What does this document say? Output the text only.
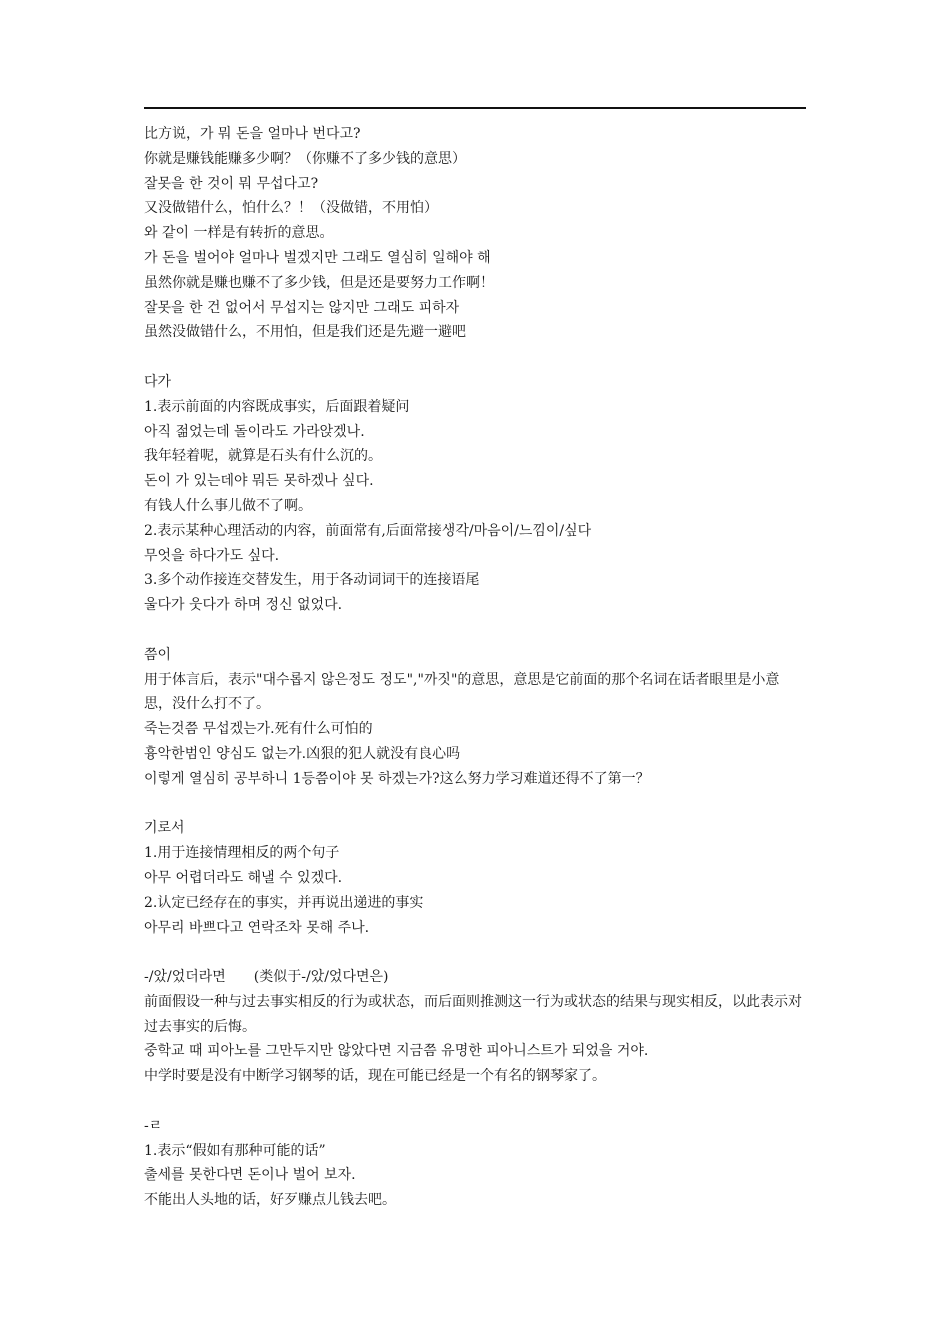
比方说，가 뭐 돈을 얼마나 번다고?
你就是赚钱能赚多少啊？（你赚不了多少钱的意思）
잘못을 한 것이 뭐 무섭다고?
又没做错什么，怕什么？！（没做错，不用怕）
와 같이 一样是有转折的意思。
가 돈을 벌어야 얼마나 벌겠지만 그래도 열심히 일해야 해
虽然你就是赚也赚不了多少钱，但是还是要努力工作啊！
잘못을 한 건 없어서 무섭지는 않지만 그래도 피하자
虽然没做错什么，不用怕，但是我们还是先避一避吧
다가
1.表示前面的内容既成事实，后面跟着疑问
아직 젊었는데 돌이라도 가라앉겠나.
我年轻着呢，就算是石头有什么沉的。
돈이 가 있는데야 뭐든 못하겠나 싶다.
有钱人什么事儿做不了啊。
2.表示某种心理活动的内容，前面常有,后面常接생각/마음이/느낌이/싶다
무엇을 하다가도 싶다.
3.多个动作接连交替发生，用于各动词词干的连接语尾
울다가 웃다가 하며 정신 없었다.
쯤이
用于体言后，表示"대수롭지 않은정도 정도","까짓"的意思，意思是它前面的那个名词在话者眼里是小意思，没什么打不了。
죽는것쯤 무섭겠는가.死有什么可怕的
흉악한범인 양심도 없는가.凶狠的犯人就没有良心吗
이렇게 열심히 공부하니 1등쯤이야 못 하겠는가?这么努力学习难道还得不了第一？
기로서
1.用于连接情理相反的两个句子
아무 어렵더라도 해낼 수 있겠다.
2.认定已经存在的事实，并再说出递进的事实
아무리 바쁘다고 연락조차 못해 주나.
-/았/었더라면　　(类似于-/았/었다면은)
前面假设一种与过去事实相反的行为或状态，而后面则推测这一行为或状态的结果与现实相反，以此表示对过去事实的后悔。
중학교 때 피아노를 그만두지만 않았다면 지금쯤 유명한 피아니스트가 되었을 거야.
中学时要是没有中断学习钢琴的话，现在可能已经是一个有名的钢琴家了。
-ㄹ
1.表示“假如有那种可能的话”
출세를 못한다면 돈이나 벌어 보자.
不能出人头地的话，好歹赚点儿钱去吧。
